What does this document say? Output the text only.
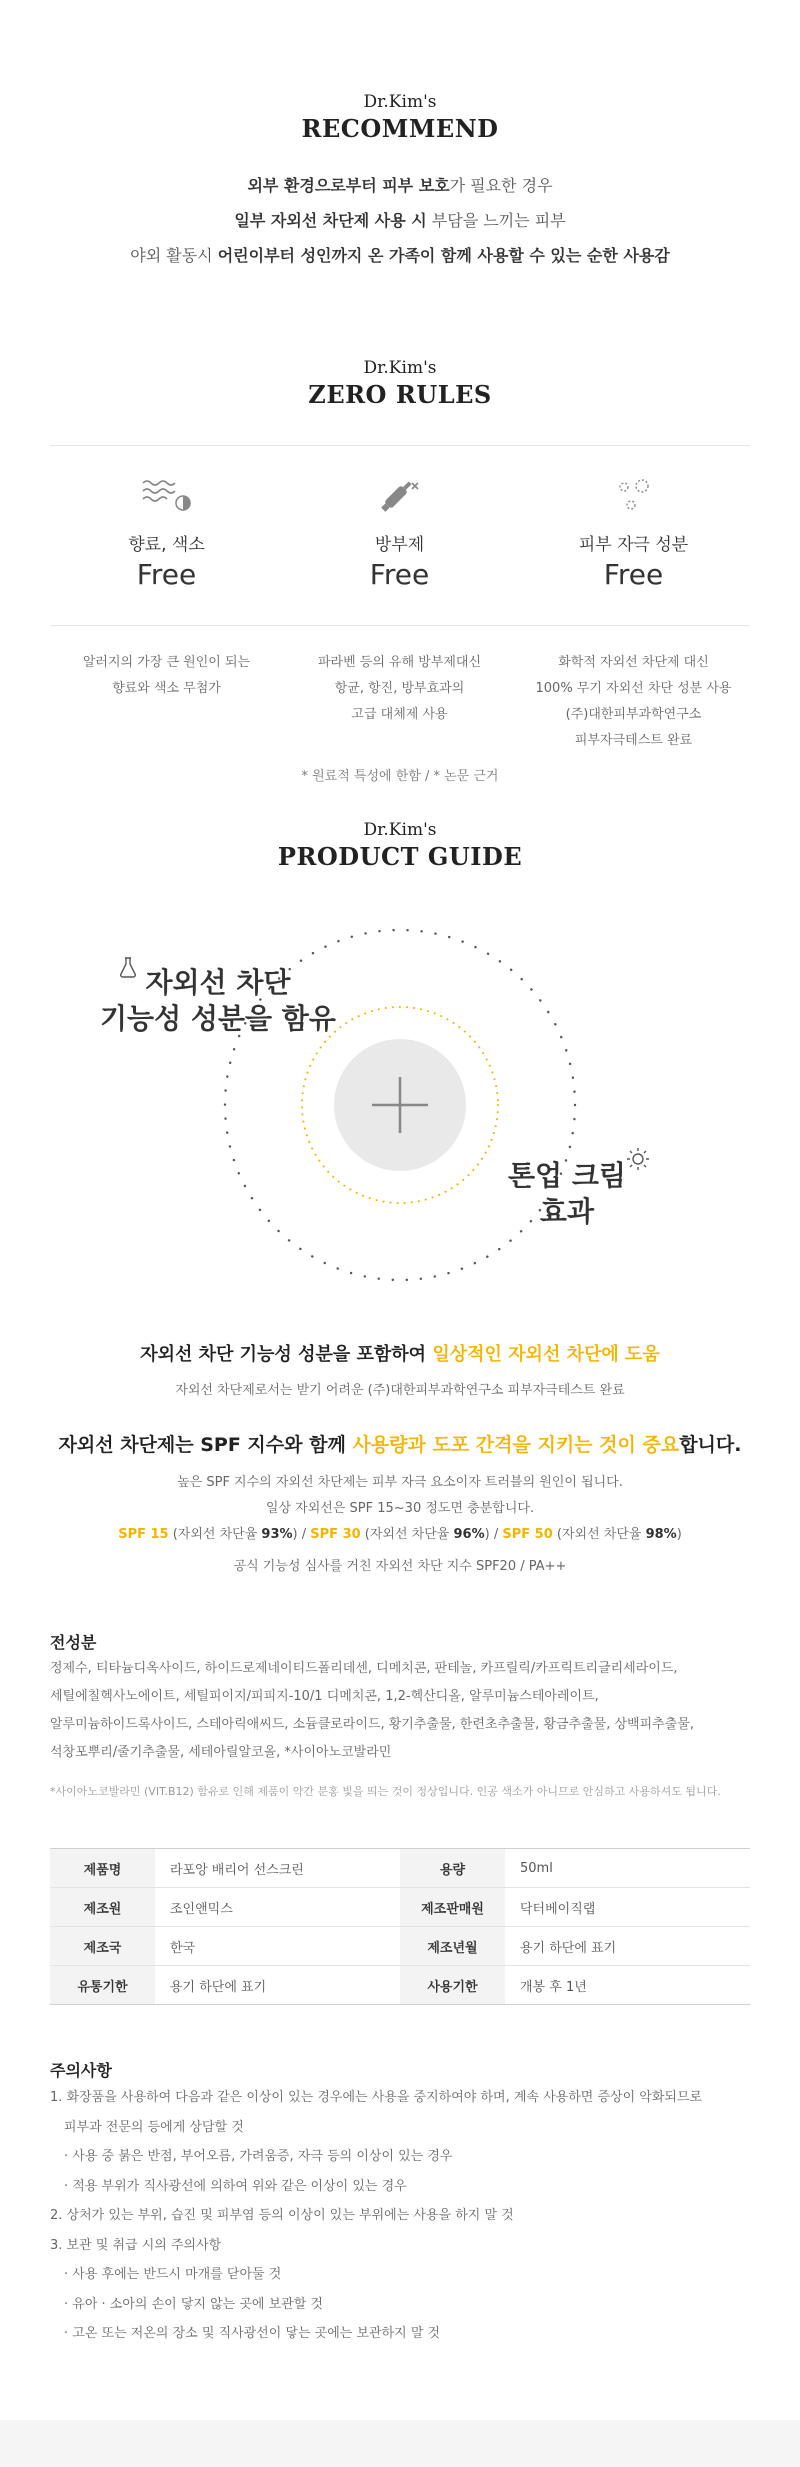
Dr.Kim's
RECOMMEND
외부 환경으로부터 피부 보호가 필요한 경우
일부 자외선 차단제 사용 시 부담을 느끼는 피부
야외 활동시 어린이부터 성인까지 온 가족이 함께 사용할 수 있는 순한 사용감
Dr.Kim's
ZERO RULES
향료, 색소
Free
방부제
Free
피부 자극 성분
Free
알러지의 가장 큰 원인이 되는
향료와 색소 무첨가
파라벤 등의 유해 방부제대신
항균, 항진, 방부효과의
고급 대체제 사용
화학적 자외선 차단제 대신
100% 무기 자외선 차단 성분 사용
(주)대한피부과학연구소
피부자극테스트 완료
* 원료적 특성에 한함 / * 논문 근거
Dr.Kim's
PRODUCT GUIDE
자외선 차단
기능성 성분을 함유
톤업 크림
효과
자외선 차단 기능성 성분을 포함하여 일상적인 자외선 차단에 도움
자외선 차단제로서는 받기 어려운 (주)대한피부과학연구소 피부자극테스트 완료
자외선 차단제는 SPF 지수와 함께 사용량과 도포 간격을 지키는 것이 중요합니다.
높은 SPF 지수의 자외선 차단제는 피부 자극 요소이자 트러블의 원인이 됩니다.
일상 자외선은 SPF 15~30 정도면 충분합니다.
SPF 15 (자외선 차단율 93%) / SPF 30 (자외선 차단율 96%) / SPF 50 (자외선 차단율 98%)
공식 기능성 심사를 거친 자외선 차단 지수 SPF20 / PA++
전성분
정제수, 티타늄디옥사이드, 하이드로제네이티드폴리데센, 디메치콘, 판테놀, 카프릴릭/카프릭트리글리세라이드,
세틸에칠헥사노에이트, 세틸피이지/피피지-10/1 디메치콘, 1,2-헥산디올, 알루미늄스테아레이트,
알루미늄하이드록사이드, 스테아릭애씨드, 소듐클로라이드, 황기추출물, 한련초추출물, 황금추출물, 상백피추출물,
석창포뿌리/줄기추출물, 세테아릴알코올, *사이아노코발라민
*사이아노코발라민 (VIT.B12) 함유로 인해 제품이 약간 분홍 빛을 띄는 것이 정상입니다. 인공 색소가 아니므로 안심하고 사용하셔도 됩니다.
제품명	라포앙 배리어 선스크린	용량	50ml
제조원	조인앤믹스	제조판매원	닥터베이직랩
제조국	한국	제조년월	용기 하단에 표기
유통기한	용기 하단에 표기	사용기한	개봉 후 1년
주의사항
1. 화장품을 사용하여 다음과 같은 이상이 있는 경우에는 사용을 중지하여야 하며, 계속 사용하면 증상이 악화되므로
피부과 전문의 등에게 상담할 것
· 사용 중 붉은 반점, 부어오름, 가려움증, 자극 등의 이상이 있는 경우
· 적용 부위가 직사광선에 의하여 위와 같은 이상이 있는 경우
2. 상처가 있는 부위, 습진 및 피부염 등의 이상이 있는 부위에는 사용을 하지 말 것
3. 보관 및 취급 시의 주의사항
· 사용 후에는 반드시 마개를 닫아둘 것
· 유아 · 소아의 손이 닿지 않는 곳에 보관할 것
· 고온 또는 저온의 장소 및 직사광선이 닿는 곳에는 보관하지 말 것
